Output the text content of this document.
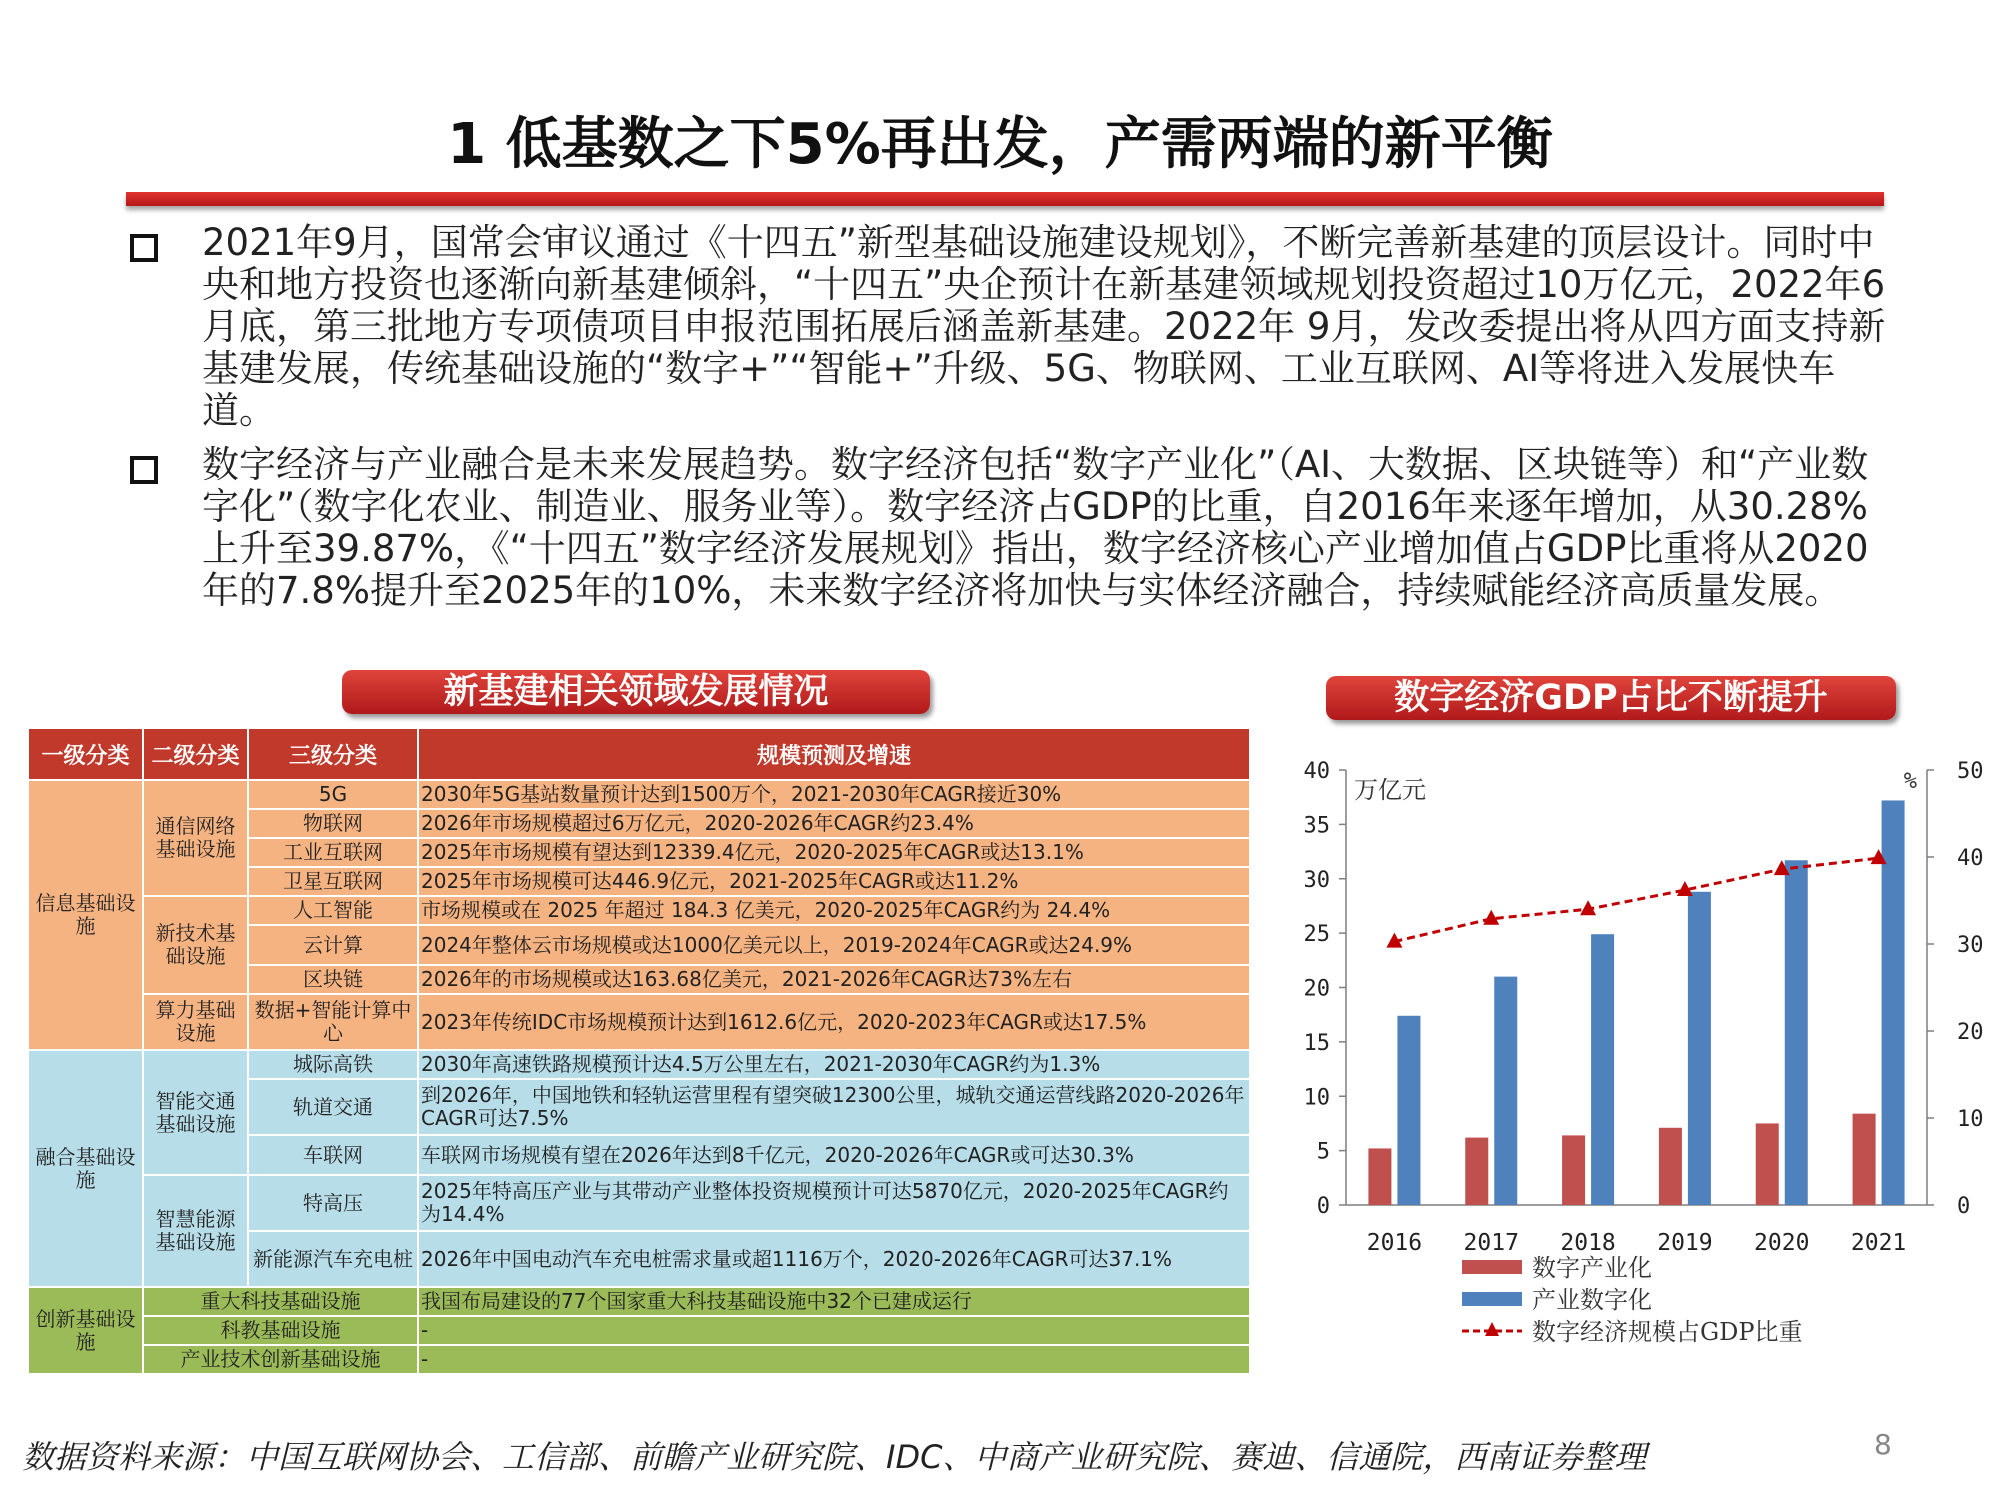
1 低基数之下5%再出发，产需两端的新平衡
2021年9月，国常会审议通过《十四五”新型基础设施建设规划》，不断完善新基建的顶层设计。同时中央和地方投资也逐渐向新基建倾斜，“十四五”央企预计在新基建领域规划投资超过10万亿元，2022年6月底，第三批地方专项债项目申报范围拓展后涵盖新基建。2022年 9月，发改委提出将从四方面支持新基建发展，传统基础设施的“数字+”“智能+”升级、5G、物联网、工业互联网、AI等将进入发展快车道。
数字经济与产业融合是未来发展趋势。数字经济包括“数字产业化”（AI、大数据、区块链等）和“产业数字化”（数字化农业、制造业、服务业等）。数字经济占GDP的比重，自2016年来逐年增加，从30.28%上升至39.87%，《“十四五”数字经济发展规划》指出，数字经济核心产业增加值占GDP比重将从2020年的7.8%提升至2025年的10%，未来数字经济将加快与实体经济融合，持续赋能经济高质量发展。
新基建相关领域发展情况	数字经济GDP占比不断提升
一级分类	二级分类	三级分类	规模预测及增速
信息基础设施	通信网络基础设施	5G	2030年5G基站数量预计达到1500万个，2021-2030年CAGR接近30%
		物联网	2026年市场规模超过6万亿元，2020-2026年CAGR约23.4%
		工业互联网	2025年市场规模有望达到12339.4亿元，2020-2025年CAGR或达13.1%
		卫星互联网	2025年市场规模可达446.9亿元，2021-2025年CAGR或达11.2%
	新技术基础设施	人工智能	市场规模或在 2025 年超过 184.3 亿美元，2020-2025年CAGR约为 24.4%
		云计算	2024年整体云市场规模或达1000亿美元以上，2019-2024年CAGR或达24.9%
		区块链	2026年的市场规模或达163.68亿美元，2021-2026年CAGR达73%左右
	算力基础设施	数据+智能计算中心	2023年传统IDC市场规模预计达到1612.6亿元，2020-2023年CAGR或达17.5%
融合基础设施	智能交通基础设施	城际高铁	2030年高速铁路规模预计达4.5万公里左右，2021-2030年CAGR约为1.3%
		轨道交通	到2026年，中国地铁和轻轨运营里程有望突破12300公里，城轨交通运营线路2020-2026年CAGR可达7.5%
		车联网	车联网市场规模有望在2026年达到8千亿元，2020-2026年CAGR或可达30.3%
	智慧能源基础设施	特高压	2025年特高压产业与其带动产业整体投资规模预计可达5870亿元，2020-2025年CAGR约为14.4%
		新能源汽车充电桩	2026年中国电动汽车充电桩需求量或超1116万个，2020-2026年CAGR可达37.1%
创新基础设施	重大科技基础设施		我国布局建设的77个国家重大科技基础设施中32个已建成运行
	科教基础设施		-
	产业技术创新基础设施		-
0
5
10
15
20
25
30
35
40
0
10
20
30
40
50
万亿元	%
2016 2017 2018 2019 2020 2021
数字产业化
产业数字化
数字经济规模占GDP比重
数据资料来源：中国互联网协会、工信部、前瞻产业研究院、IDC、中商产业研究院、赛迪、信通院，西南证券整理	8
